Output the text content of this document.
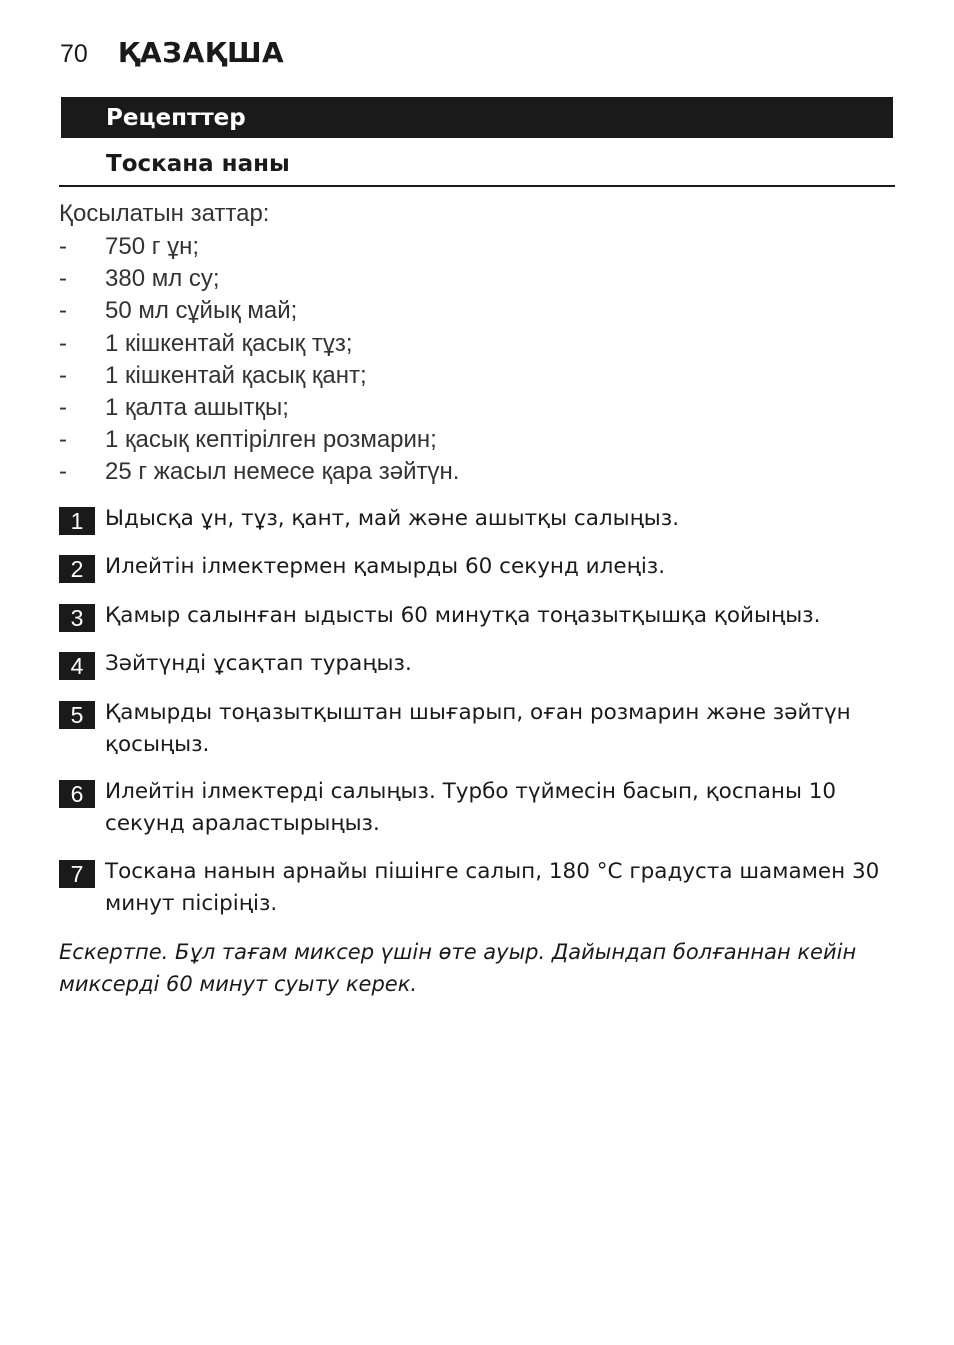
70 ҚАЗАҚША
Рецепттер
Тоскана наны
Қосылатын заттар:
- 750 г ұн;
- 380 мл су;
- 50 мл сұйық май;
- 1 кішкентай қасық тұз;
- 1 кішкентай қасық қант;
- 1 қалта ашытқы;
- 1 қасық кептірілген розмарин;
- 25 г жасыл немесе қара зәйтүн.
1	Ыдысқа ұн, тұз, қант, май және ашытқы салыңыз.
2	Илейтін ілмектермен қамырды 60 секунд илеңіз.
3	Қамыр салынған ыдысты 60 минутқа тоңазытқышқа қойыңыз.
4	Зәйтүнді ұсақтап тураңыз.
5	Қамырды тоңазытқыштан шығарып, оған розмарин және зәйтүн қосыңыз.
6	Илейтін ілмектерді салыңыз. Турбо түймесін басып, қоспаны 10 секунд араластырыңыз.
7	Тоскана нанын арнайы пішінге салып, 180 °C градуста шамамен 30 минут пісіріңіз.
Ескертпе. Бұл тағам миксер үшін өте ауыр. Дайындап болғаннан кейін миксерді 60 минут суыту керек.
